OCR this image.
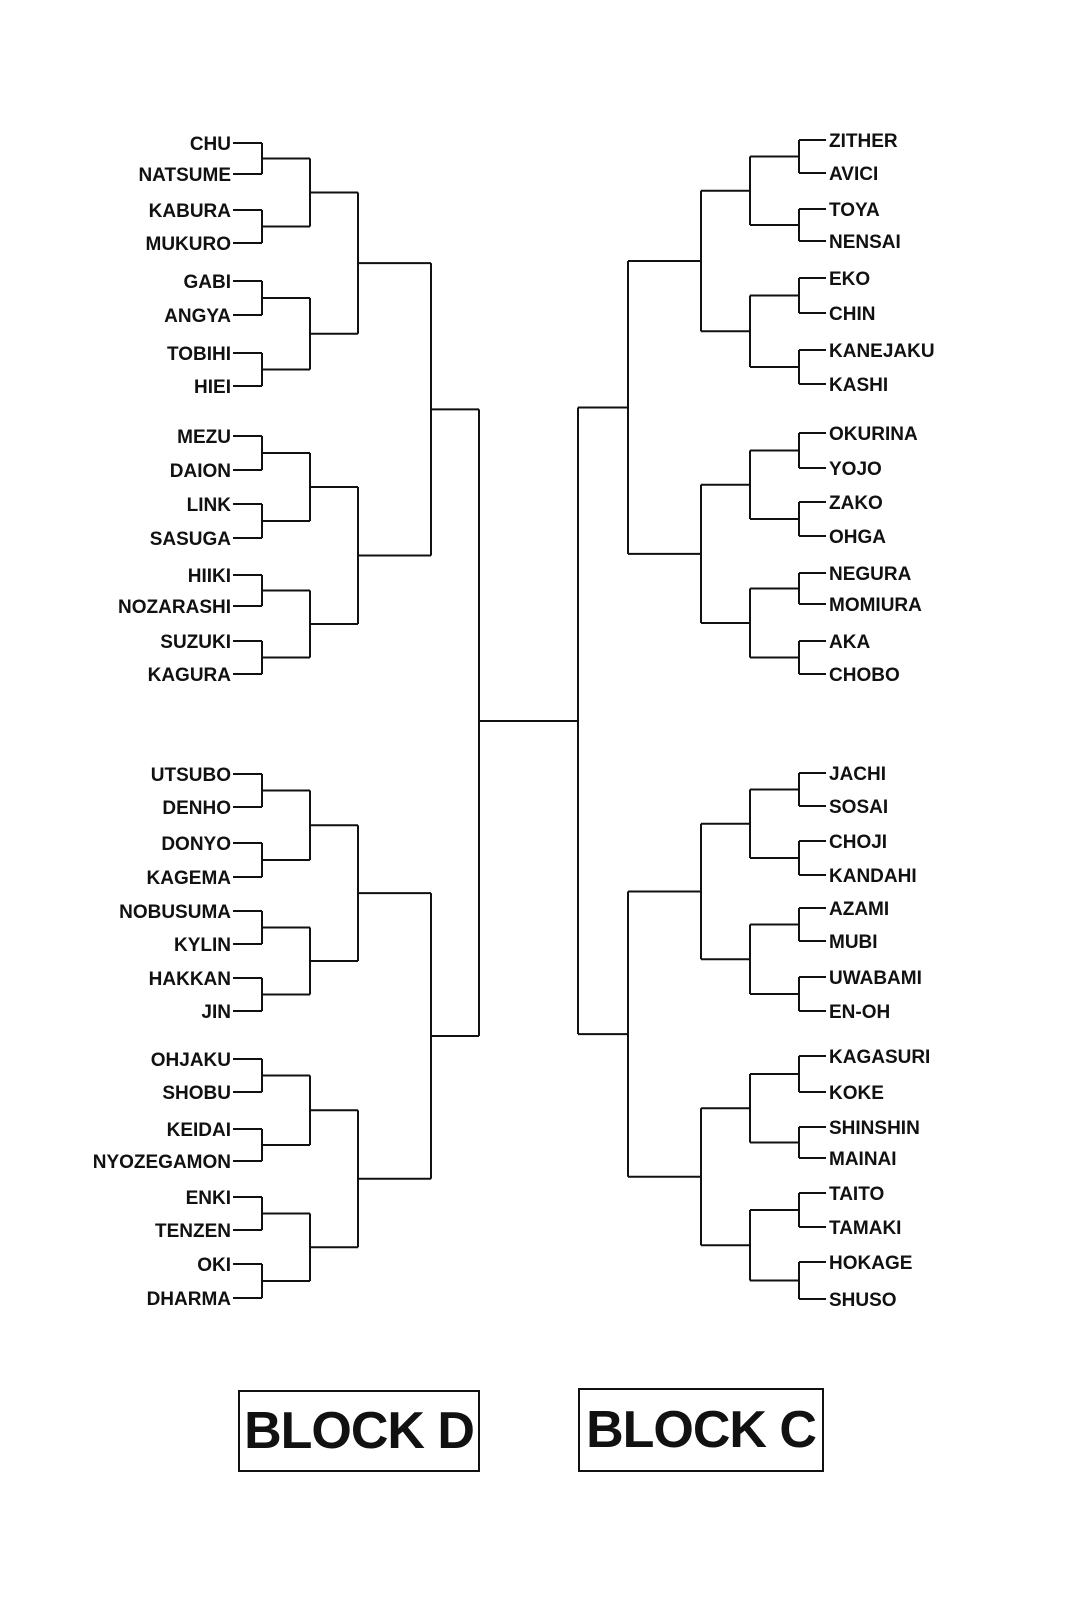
CHU
NATSUME
KABURA
MUKURO
GABI
ANGYA
TOBIHI
HIEI
MEZU
DAION
LINK
SASUGA
HIIKI
NOZARASHI
SUZUKI
KAGURA
UTSUBO
DENHO
DONYO
KAGEMA
NOBUSUMA
KYLIN
HAKKAN
JIN
OHJAKU
SHOBU
KEIDAI
NYOZEGAMON
ENKI
TENZEN
OKI
DHARMA
ZITHER
AVICI
TOYA
NENSAI
EKO
CHIN
KANEJAKU
KASHI
OKURINA
YOJO
ZAKO
OHGA
NEGURA
MOMIURA
AKA
CHOBO
JACHI
SOSAI
CHOJI
KANDAHI
AZAMI
MUBI
UWABAMI
EN-OH
KAGASURI
KOKE
SHINSHIN
MAINAI
TAITO
TAMAKI
HOKAGE
SHUSO
BLOCK D BLOCK C
